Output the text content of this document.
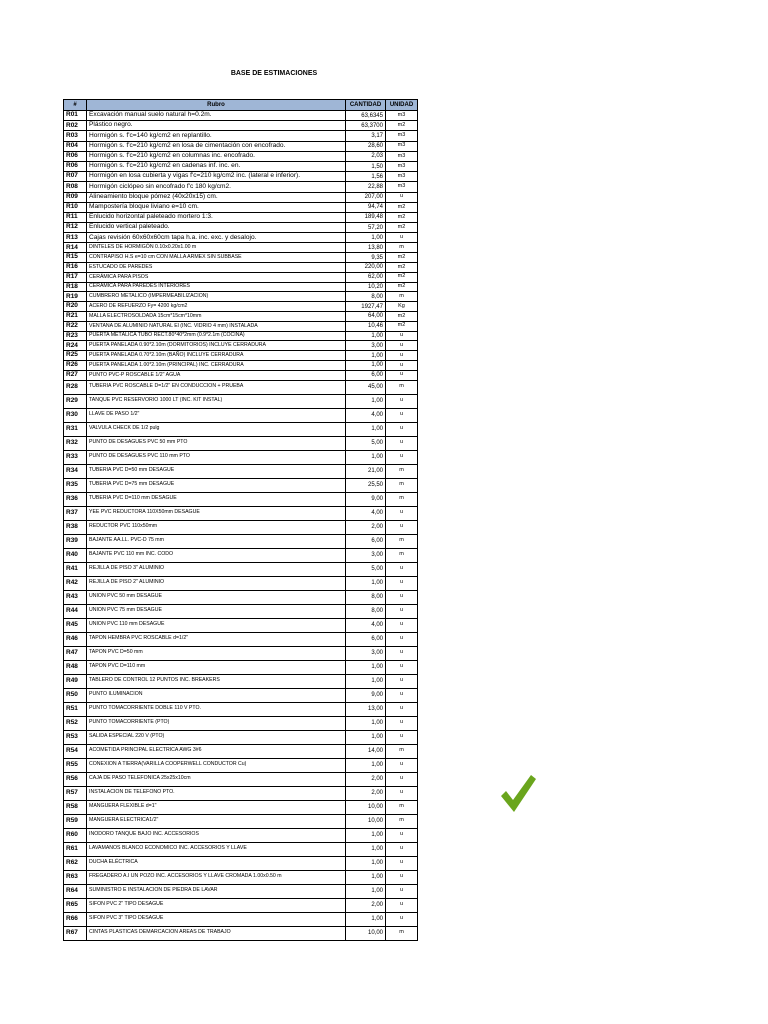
BASE DE ESTIMACIONES
#	Rubro	CANTIDAD	UNIDAD
R01	Excavación manual suelo natural h=0.2m.	63,6345	m3
R02	Plástico negro.	63,3700	m2
R03	Hormigón s. f'c=140 kg/cm2 en replantillo.	3,17	m3
R04	Hormigón s. f'c=210 kg/cm2 en losa de cimentación con encofrado.	28,60	m3
R06	Hormigón s. f'c=210 kg/cm2 en columnas inc. encofrado.	2,03	m3
R06	Hormigón s. f'c=210 kg/cm2 en cadenas inf. inc. en.	1,50	m3
R07	Hormigón en losa cubierta y vigas f'c=210 kg/cm2 inc. (lateral e inferior).	1,56	m3
R08	Hormigón ciclópeo sin encofrado f'c 180 kg/cm2.	22,88	m3
R09	Alineamiento bloque pómez (40x20x15) cm.	207,00	u
R10	Mampostería bloque liviano e=10 cm.	94,74	m2
R11	Enlucido horizontal paleteado mortero 1:3.	189,48	m2
R12	Enlucido vertical paleteado.	57,20	m2
R13	Cajas revisión 60x60x60cm tapa h.a. inc. exc. y desalojo.	1,00	u
R14	DINTELES DE HORMIGÓN 0.10x0.20x1.00 m	13,80	m
R15	CONTRAPISO H.S e=10 cm CON MALLA ARMEX SIN SUBBASE	9,35	m2
R16	ESTUCADO DE PAREDES	220,00	m2
R17	CERÁMICA PARA PISOS	62,00	m2
R18	CERÁMICA PARA PAREDES INTERIORES	10,20	m2
R19	CUMBRERO METALICO (IMPERMEABILIZACION)	8,00	m
R20	ACERO DE REFUERZO Fy= 4200 kg/cm2	1927,47	Kg
R21	MALLA ELECTROSOLDADA 15cm*15cm*10mm	64,00	m2
R22	VENTANA DE ALUMINIO NATURAL El (INC. VIDRIO 4 mm) INSTALADA	10,46	m2
R23	PUERTA METÁLICA TUBO RECT.80*40*2mm (0.9*2.1m (COCINA)	1,00	u
R24	PUERTA PANELADA 0.90*2.10m (DORMITORIOS) INCLUYE CERRADURA	3,00	u
R25	PUERTA PANELADA 0.70*2.10m (BAÑO) INCLUYE CERRADURA	1,00	u
R26	PUERTA PANELADA 1.00*2.10m (PRINCIPAL) INC. CERRADURA	1,00	u
R27	PUNTO PVC-P ROSCABLE 1/2" AGUA	6,00	u
R28	TUBERIA PVC ROSCABLE D=1/2" EN CONDUCCION + PRUEBA	45,00	m
R29	TANQUE PVC RESERVORIO 1000 LT (INC. KIT INSTAL)	1,00	u
R30	LLAVE DE PASO 1/2"	4,00	u
R31	VALVULA CHECK DE 1/2 pulg	1,00	u
R32	PUNTO DE DESAGUES PVC 50 mm PTO	5,00	u
R33	PUNTO DE DESAGUES PVC 110 mm PTO	1,00	u
R34	TUBERIA PVC D=50 mm DESAGUE	21,00	m
R35	TUBERIA PVC D=75 mm DESAGUE	25,50	m
R36	TUBERIA PVC D=110 mm DESAGUE	9,00	m
R37	YEE PVC REDUCTORA 110X50mm DESAGUE	4,00	u
R38	REDUCTOR PVC 110x50mm	2,00	u
R39	BAJANTE AA.LL. PVC-D 75 mm	6,00	m
R40	BAJANTE PVC 110 mm INC. CODO	3,00	m
R41	REJILLA DE PISO 3" ALUMINIO	5,00	u
R42	REJILLA DE PISO 2" ALUMINIO	1,00	u
R43	UNION PVC 50 mm DESAGUE	8,00	u
R44	UNION PVC 75 mm DESAGUE	8,00	u
R45	UNION PVC 110 mm DESAGUE	4,00	u
R46	TAPON HEMBRA PVC ROSCABLE d=1/2"	6,00	u
R47	TAPON PVC D=50 mm	3,00	u
R48	TAPON PVC D=110 mm	1,00	u
R49	TABLERO DE CONTROL 12 PUNTOS INC. BREAKERS	1,00	u
R50	PUNTO ILUMINACION	9,00	u
R51	PUNTO TOMACORRIENTE DOBLE 110 V PTO.	13,00	u
R52	PUNTO TOMACORRIENTE (PTO)	1,00	u
R53	SALIDA ESPECIAL 220 V (PTO)	1,00	u
R54	ACOMETIDA PRINCIPAL ELECTRICA AWG 3#6	14,00	m
R55	CONEXION A TIERRA(VARILLA COOPERWELL CONDUCTOR Cu)	1,00	u
R56	CAJA DE PASO TELEFONICA 25x25x10cm	2,00	u
R57	INSTALACION DE TELEFONO PTO.	2,00	u
R58	MANGUERA FLEXIBLE d=1"	10,00	m
R59	MANGUERA ELECTRICA1/2"	10,00	m
R60	INODORO TANQUE BAJO INC. ACCESORIOS	1,00	u
R61	LAVAMANOS BLANCO ECONOMICO INC. ACCESORIOS Y LLAVE	1,00	u
R62	DUCHA ELÉCTRICA	1,00	u
R63	FREGADERO A.I UN POZO INC. ACCESORIOS Y LLAVE CROMADA 1.00x0.50 m	1,00	u
R64	SUMINISTRO E INSTALACION DE PIEDRA DE LAVAR	1,00	u
R65	SIFON PVC 2" TIPO DESAGUE	2,00	u
R66	SIFON PVC 3" TIPO DESAGUE	1,00	u
R67	CINTAS PLASTICAS DEMARCACION AREAS DE TRABAJO	10,00	m
